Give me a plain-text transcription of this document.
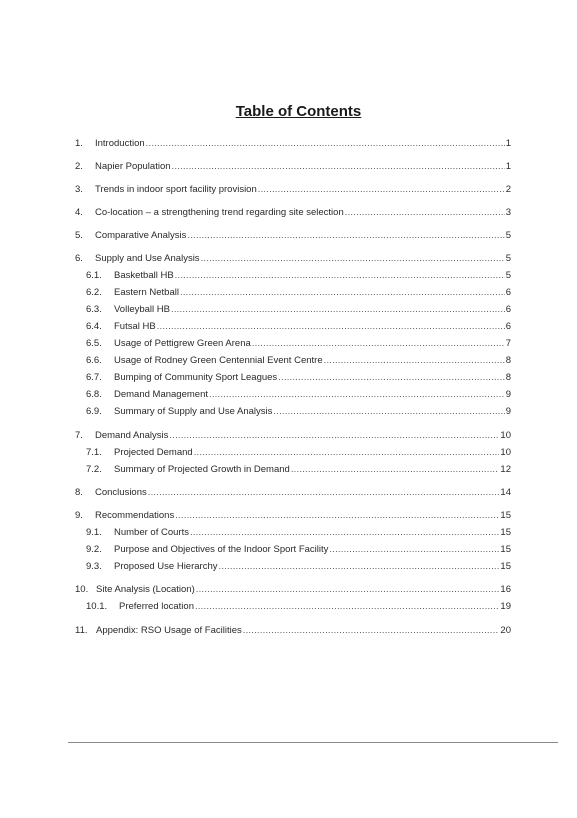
Table of Contents
1.	Introduction .....	1
2.	Napier Population .....	1
3.	Trends in indoor sport facility provision .....	2
4.	Co-location – a strengthening trend regarding site selection .....	3
5.	Comparative Analysis .....	5
6.	Supply and Use Analysis .....	5
6.1.	Basketball HB .....	5
6.2.	Eastern Netball .....	6
6.3.	Volleyball HB .....	6
6.4.	Futsal HB .....	6
6.5.	Usage of Pettigrew Green Arena .....	7
6.6.	Usage of Rodney Green Centennial Event Centre .....	8
6.7.	Bumping of Community Sport Leagues .....	8
6.8.	Demand Management .....	9
6.9.	Summary of Supply and Use Analysis .....	9
7.	Demand Analysis .....	10
7.1.	Projected Demand .....	10
7.2.	Summary of Projected Growth in Demand .....	12
8.	Conclusions .....	14
9.	Recommendations .....	15
9.1.	Number of Courts .....	15
9.2.	Purpose and Objectives of the Indoor Sport Facility .....	15
9.3.	Proposed Use Hierarchy .....	15
10. Site Analysis (Location) .....	16
10.1.	Preferred location .....	19
11. Appendix: RSO Usage of Facilities .....	20
